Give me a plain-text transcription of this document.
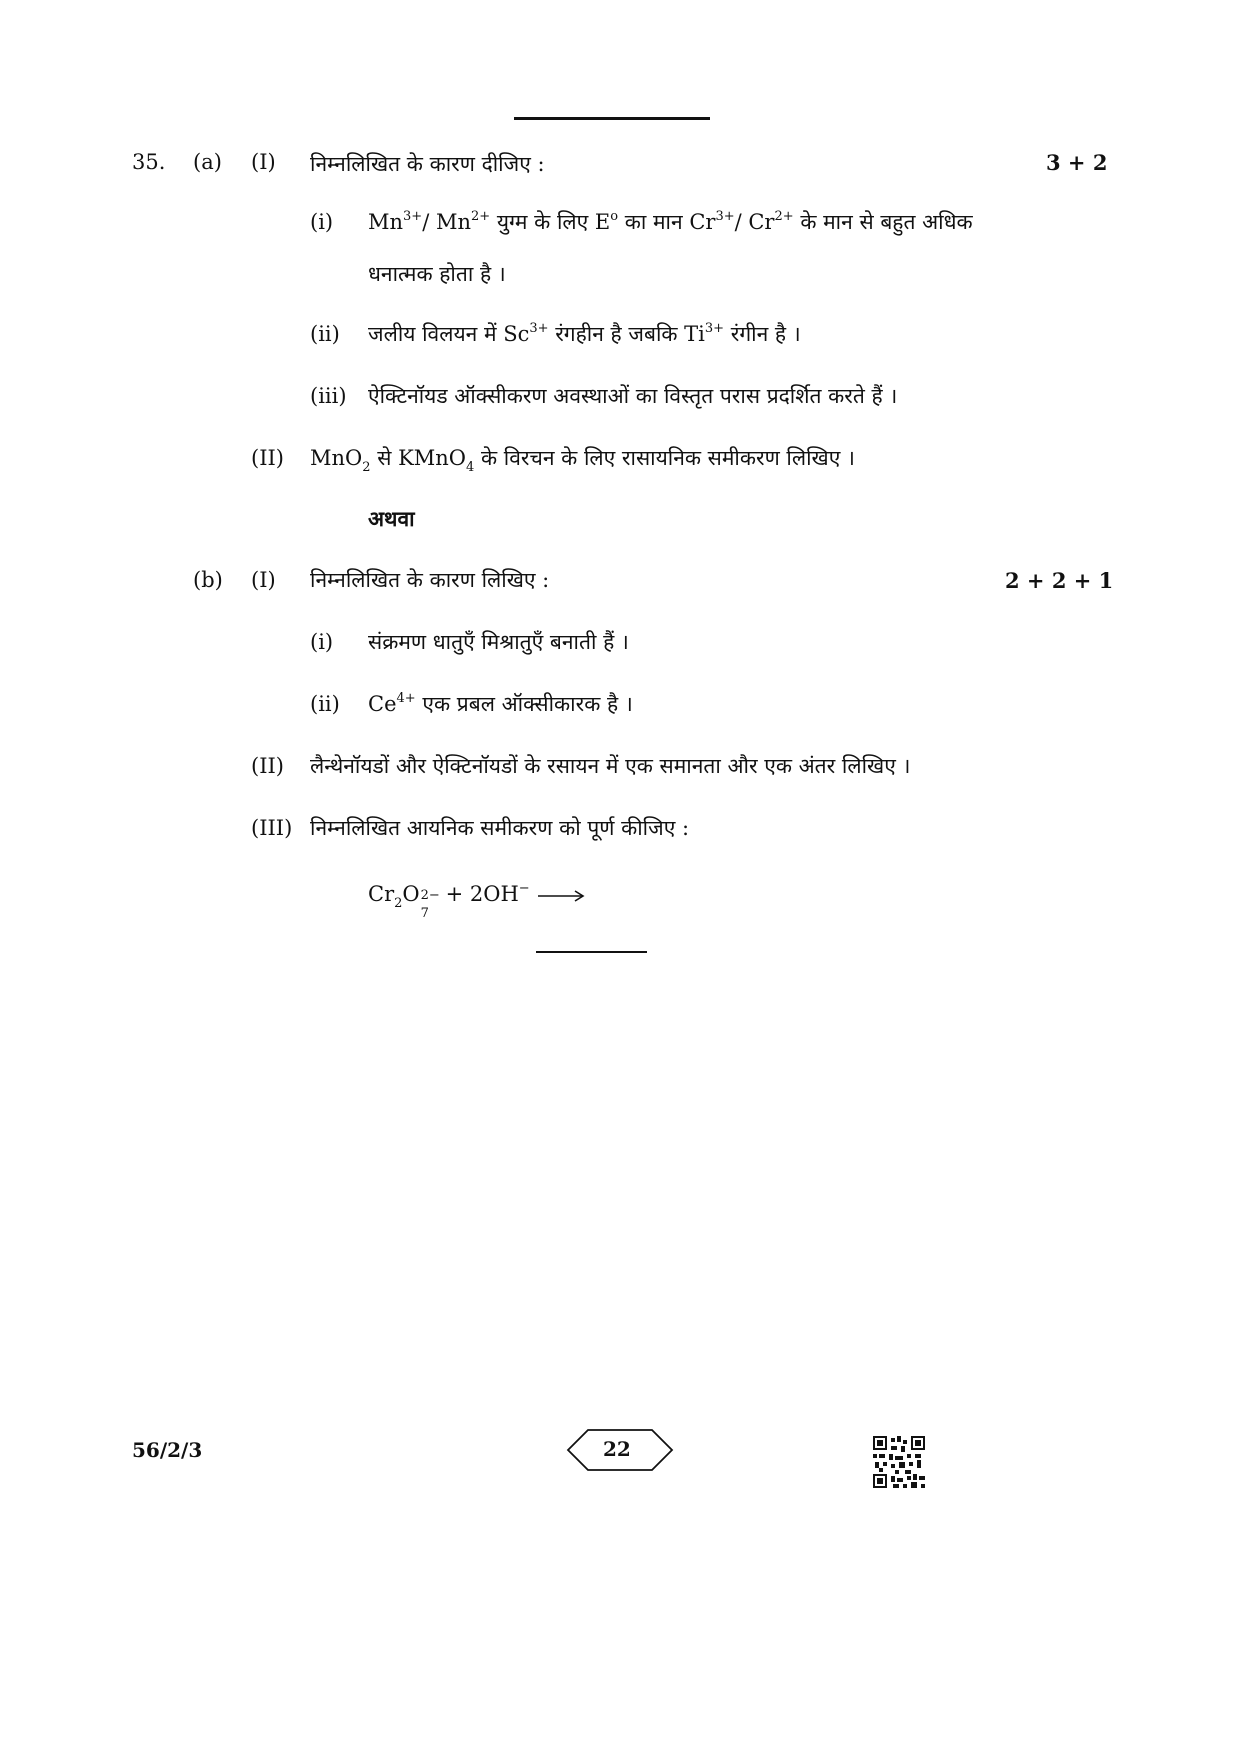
35. (a) (I) निम्नलिखित के कारण दीजिए :	3 + 2
(i) $Mn^{3+}/$ $Mn^{2+}$ युग्म के लिए $E^o$ का मान $Cr^{3+}/$ $Cr^{2+}$ के मान से बहुत अधिक
धनात्मक होता है ।
(ii) जलीय विलयन में $Sc^{3+}$ रंगहीन है जबकि $Ti^{3+}$ रंगीन है ।
(iii) ऐक्टिनॉयड ऑक्सीकरण अवस्थाओं का विस्तृत परास प्रदर्शित करते हैं ।
(II) MnO$_2$ से KMnO$_4$ के विरचन के लिए रासायनिक समीकरण लिखिए ।
अथवा
(b) (I) निम्नलिखित के कारण लिखिए :	2 + 2 + 1
(i) संक्रमण धातुएँ मिश्रातुएँ बनाती हैं ।
(ii) $Ce^{4+}$ एक प्रबल ऑक्सीकारक है ।
(II) लैन्थेनॉयडों और ऐक्टिनॉयडों के रसायन में एक समानता और एक अंतर लिखिए ।
(III) निम्नलिखित आयनिक समीकरण को पूर्ण कीजिए :
$Cr_2O$ 2−
7
+ 2OH− →
56/2/3	22
